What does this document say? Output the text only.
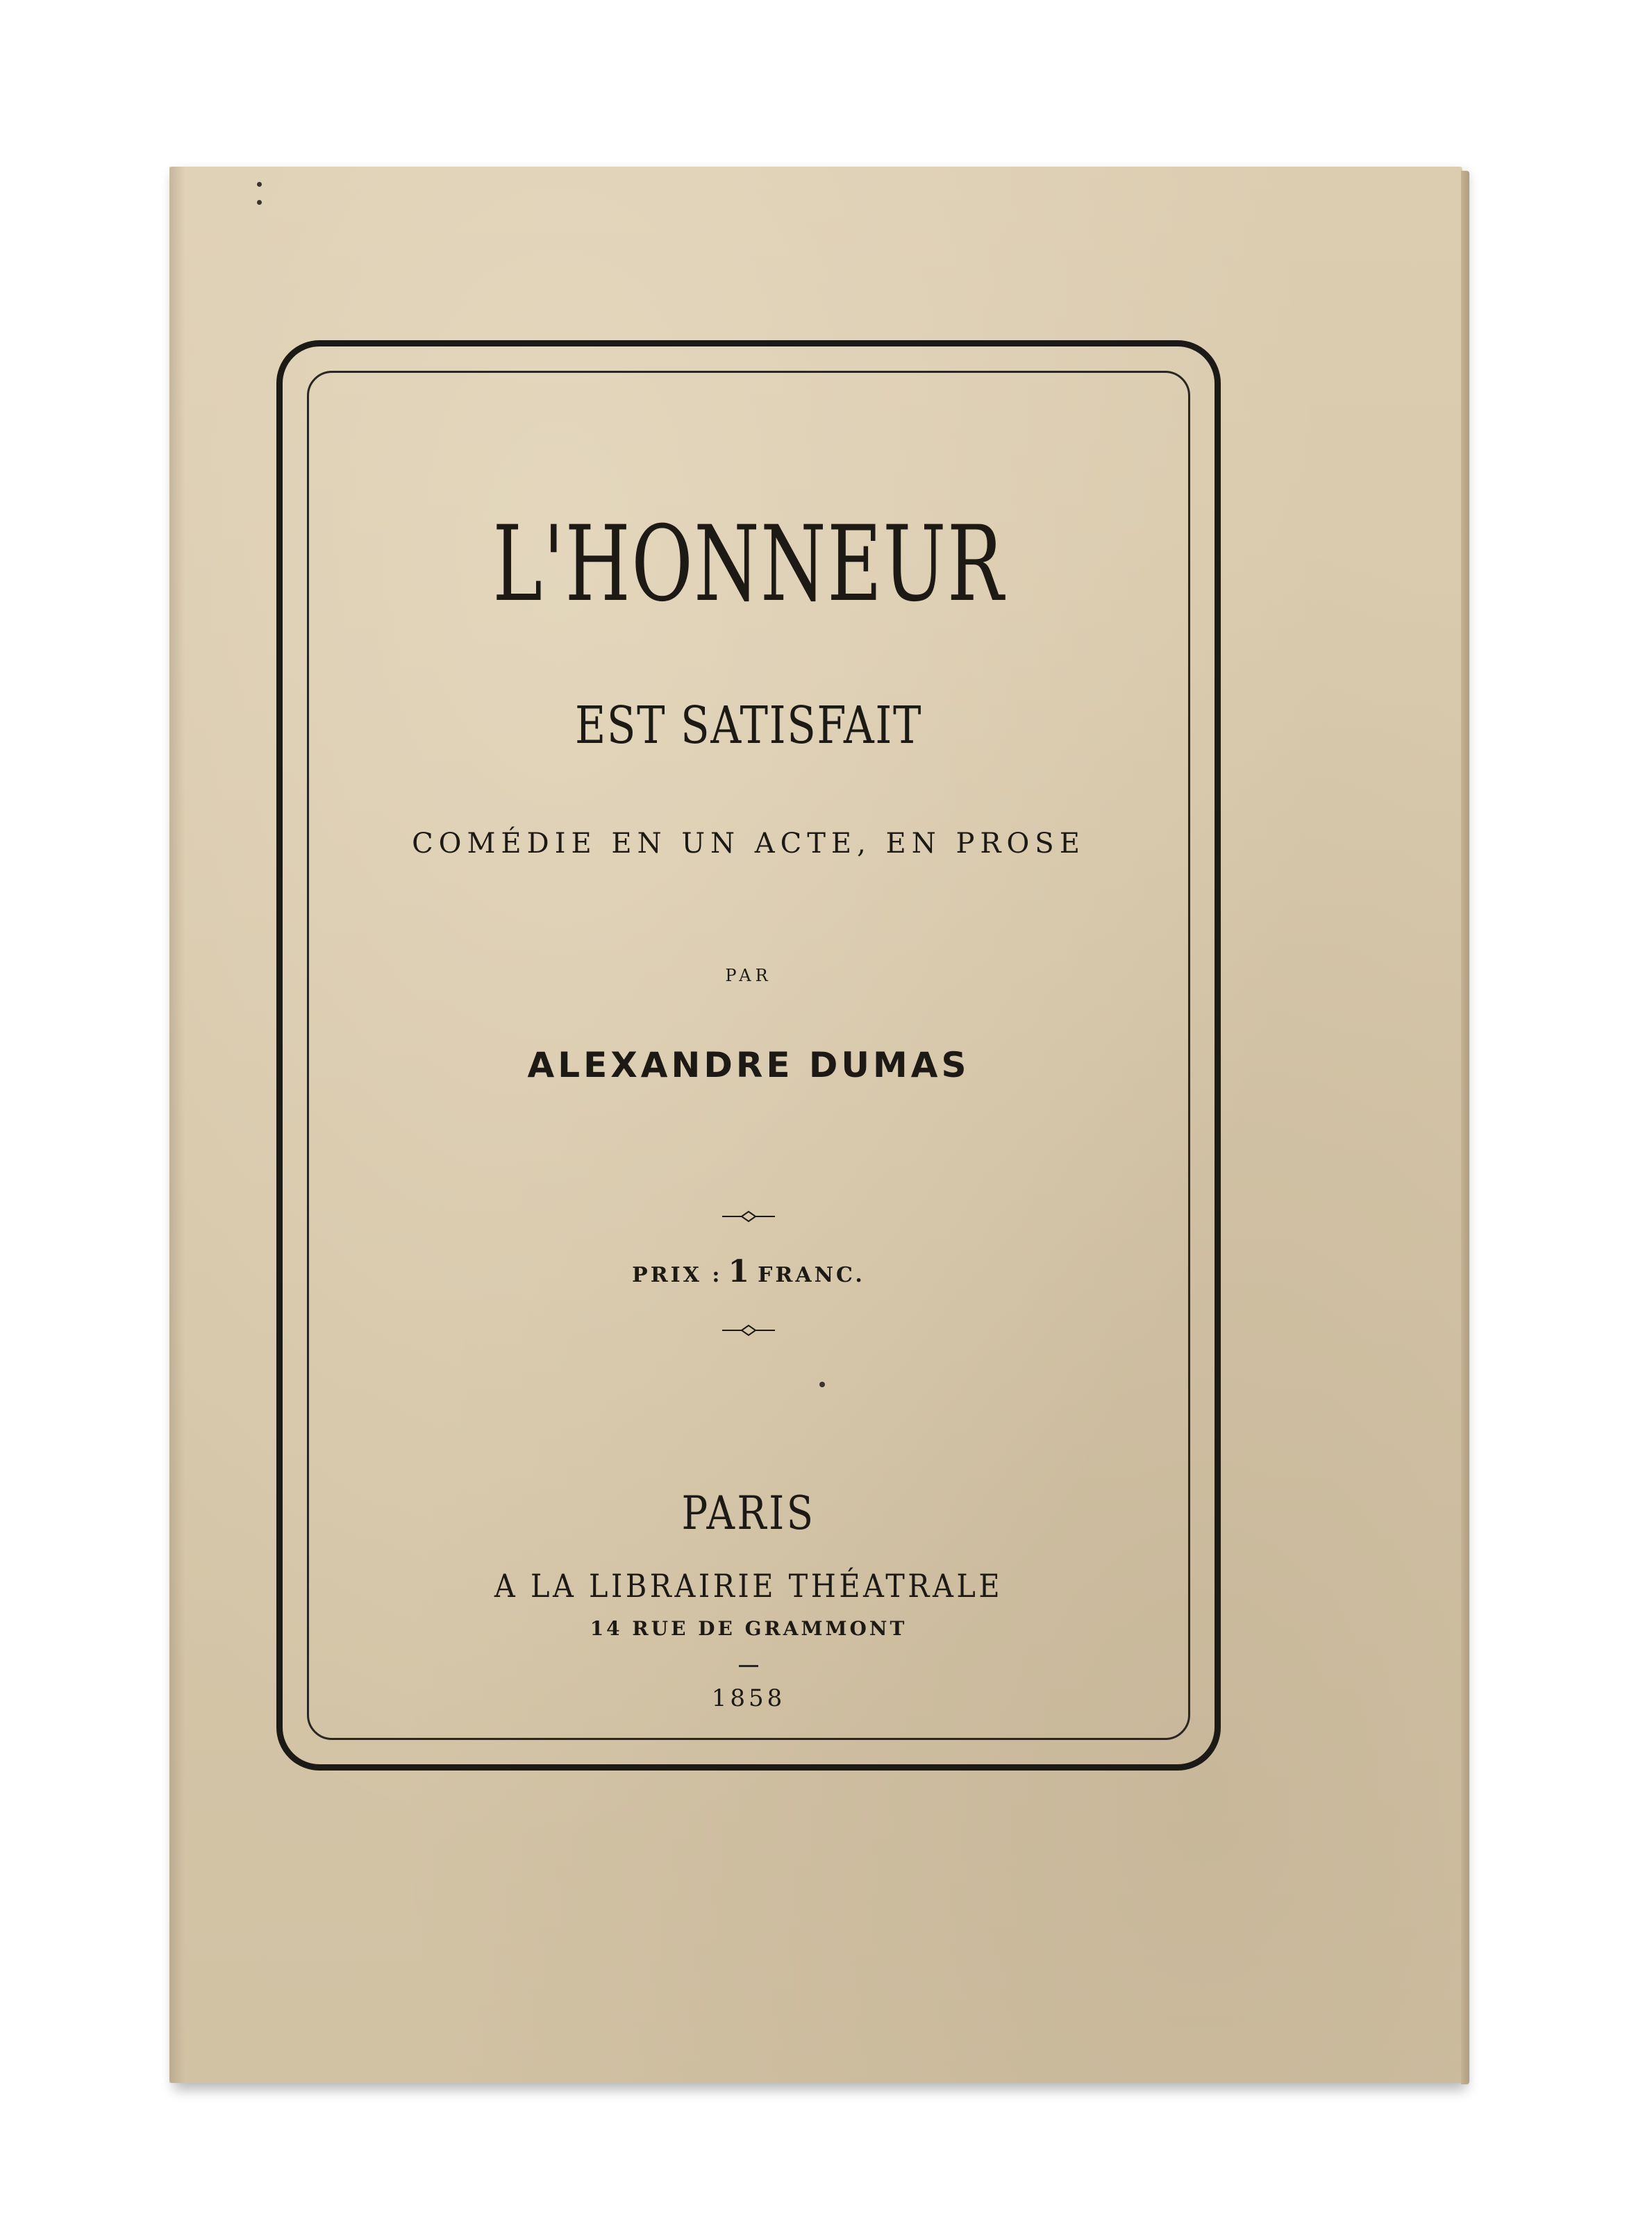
L'HONNEUR
EST SATISFAIT
COMÉDIE EN UN ACTE, EN PROSE
PAR
ALEXANDRE DUMAS
PRIX : 1 FRANC.
PARIS
A LA LIBRAIRIE THÉATRALE
14 RUE DE GRAMMONT
1858
